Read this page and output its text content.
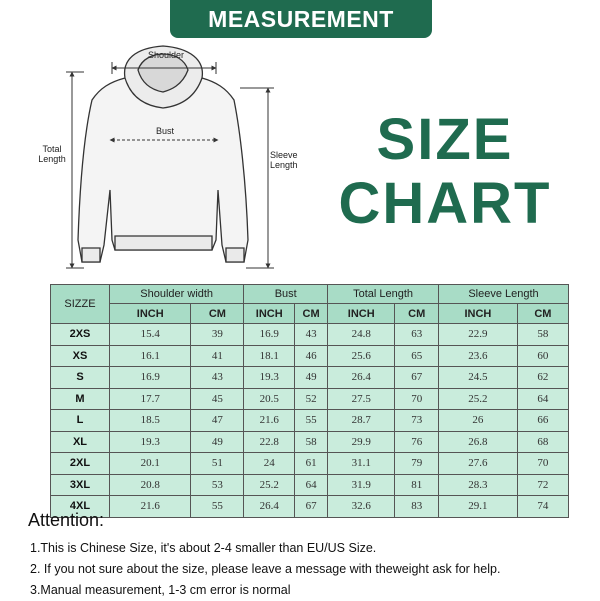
MEASUREMENT
Shoulder
Bust
Total
Length	Sleeve
Length	SIZE
CHART
SIZZE	Shoulder width		Bust		Total Length		Sleeve Length	
	INCH	CM	INCH	CM	INCH	CM	INCH	CM
2XS	15.4	39	16.9	43	24.8	63	22.9	58
XS	16.1	41	18.1	46	25.6	65	23.6	60
S	16.9	43	19.3	49	26.4	67	24.5	62
M	17.7	45	20.5	52	27.5	70	25.2	64
L	18.5	47	21.6	55	28.7	73	26	66
XL	19.3	49	22.8	58	29.9	76	26.8	68
2XL	20.1	51	24	61	31.1	79	27.6	70
3XL	20.8	53	25.2	64	31.9	81	28.3	72
4XL	21.6	55	26.4	67	32.6	83	29.1	74
Attention:
1.This is Chinese Size, it's about 2-4 smaller than EU/US Size.
2. If you not sure about the size, please leave a message with theweight ask for help.
3.Manual measurement, 1-3 cm error is normal
